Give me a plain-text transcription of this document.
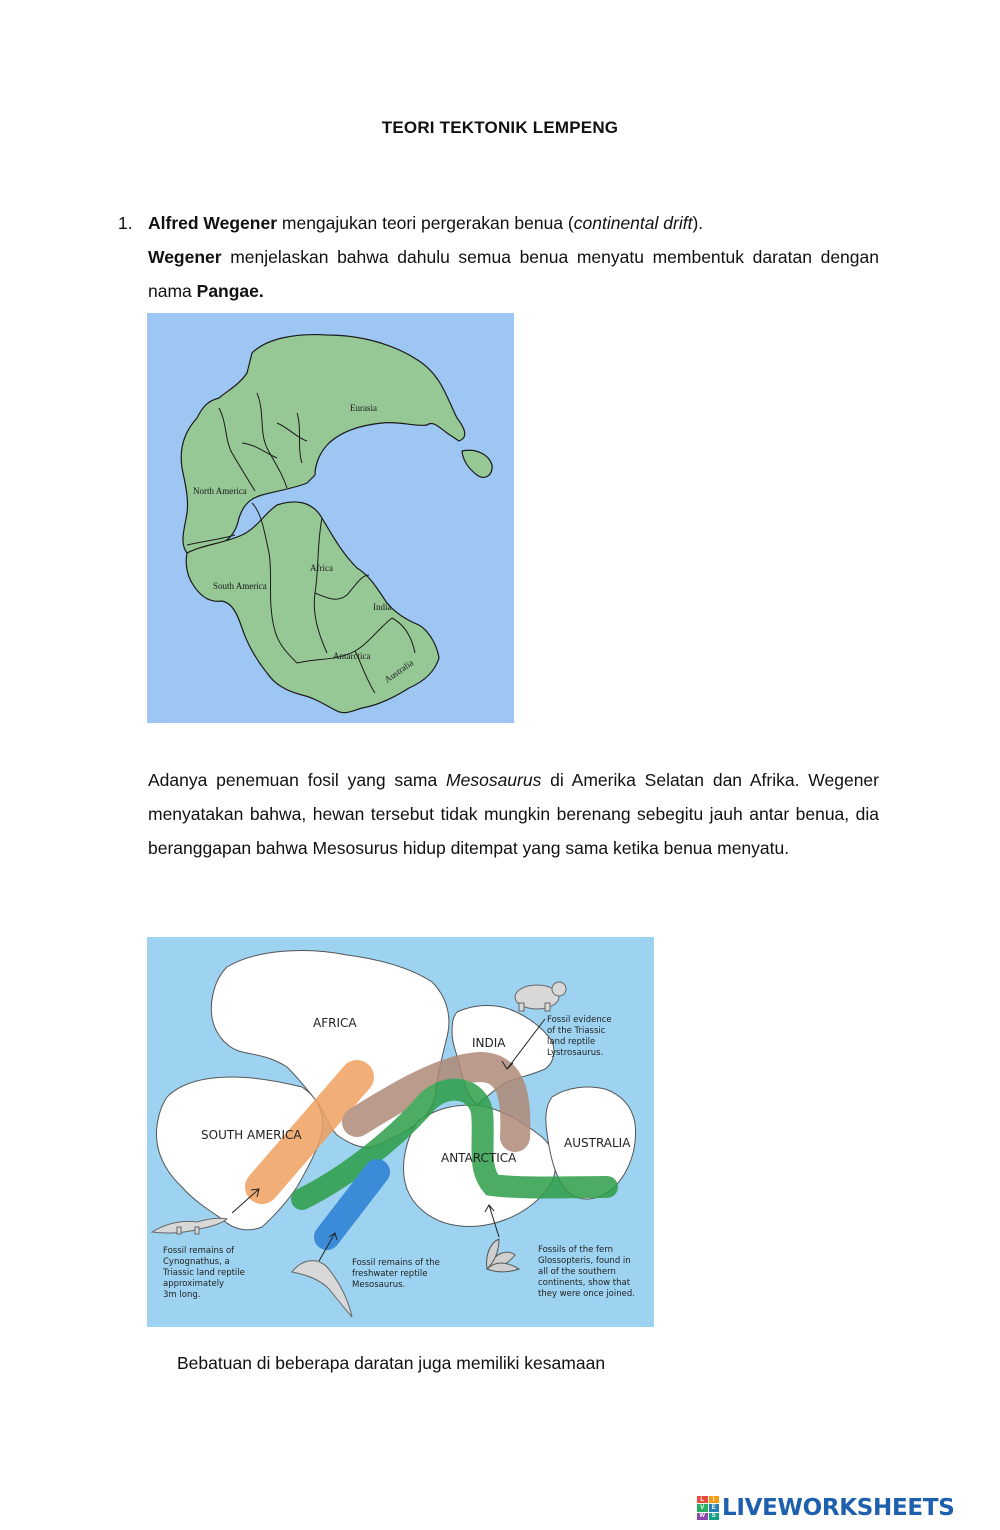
TEORI TEKTONIK LEMPENG
1. Alfred Wegener mengajukan teori pergerakan benua (continental drift).
Wegener menjelaskan bahwa dahulu semua benua menyatu membentuk daratan dengan nama Pangae.
Eurasia
North America
Africa
South America
India
Antarctica
Australia
Adanya penemuan fosil yang sama Mesosaurus di Amerika Selatan dan Afrika. Wegener menyatakan bahwa, hewan tersebut tidak mungkin berenang sebegitu jauh antar benua, dia beranggapan bahwa Mesosurus hidup ditempat yang sama ketika benua menyatu.
AFRICA
INDIA
SOUTH AMERICA
ANTARCTICA
AUSTRALIA
Fossil evidence of the Triassic land reptile Lystrosaurus.
Fossil remains of Cynognathus, a Triassic land reptile approximately 3m long.
Fossil remains of the freshwater reptile Mesosaurus.
Fossils of the fern Glossopteris, found in all of the southern continents, show that they were once joined.
Bebatuan di beberapa daratan juga memiliki kesamaan
L	I
V	E
W	S LIVEWORKSHEETS
